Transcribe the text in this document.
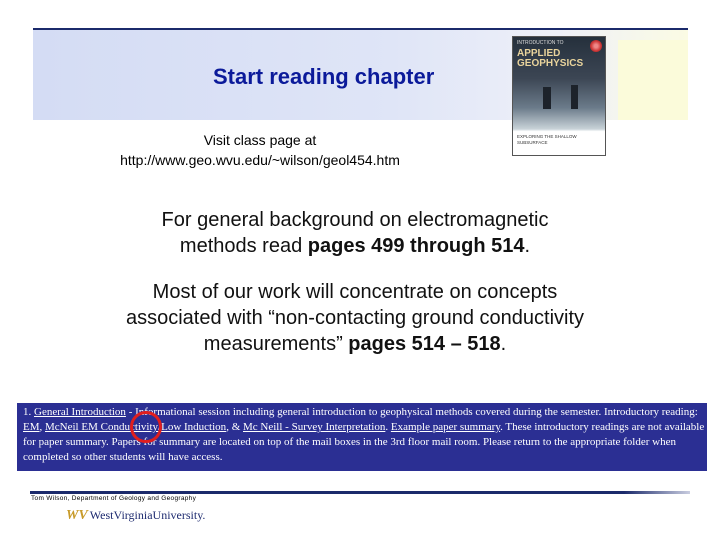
Start reading chapter
INTRODUCTION TO
APPLIED
GEOPHYSICS
EXPLORING THE SHALLOW SUBSURFACE
Visit class page at
http://www.geo.wvu.edu/~wilson/geol454.htm
For general background on electromagnetic
methods read pages 499 through 514.
Most of our work will concentrate on concepts
associated with “non-contacting ground conductivity
measurements” pages 514 – 518.
1. General Introduction - Informational session including general introduction to geophysical methods covered during the semester. Introductory reading: EM, McNeil EM Conductivity/Low Induction, & Mc Neill - Survey Interpretation. Example paper summary. These introductory readings are not available for paper summary. Papers for summary are located on top of the mail boxes in the 3rd floor mail room. Please return to the appropriate folder when completed so other students will have access.
Tom Wilson, Department of Geology and Geography
WV WestVirginiaUniversity.
